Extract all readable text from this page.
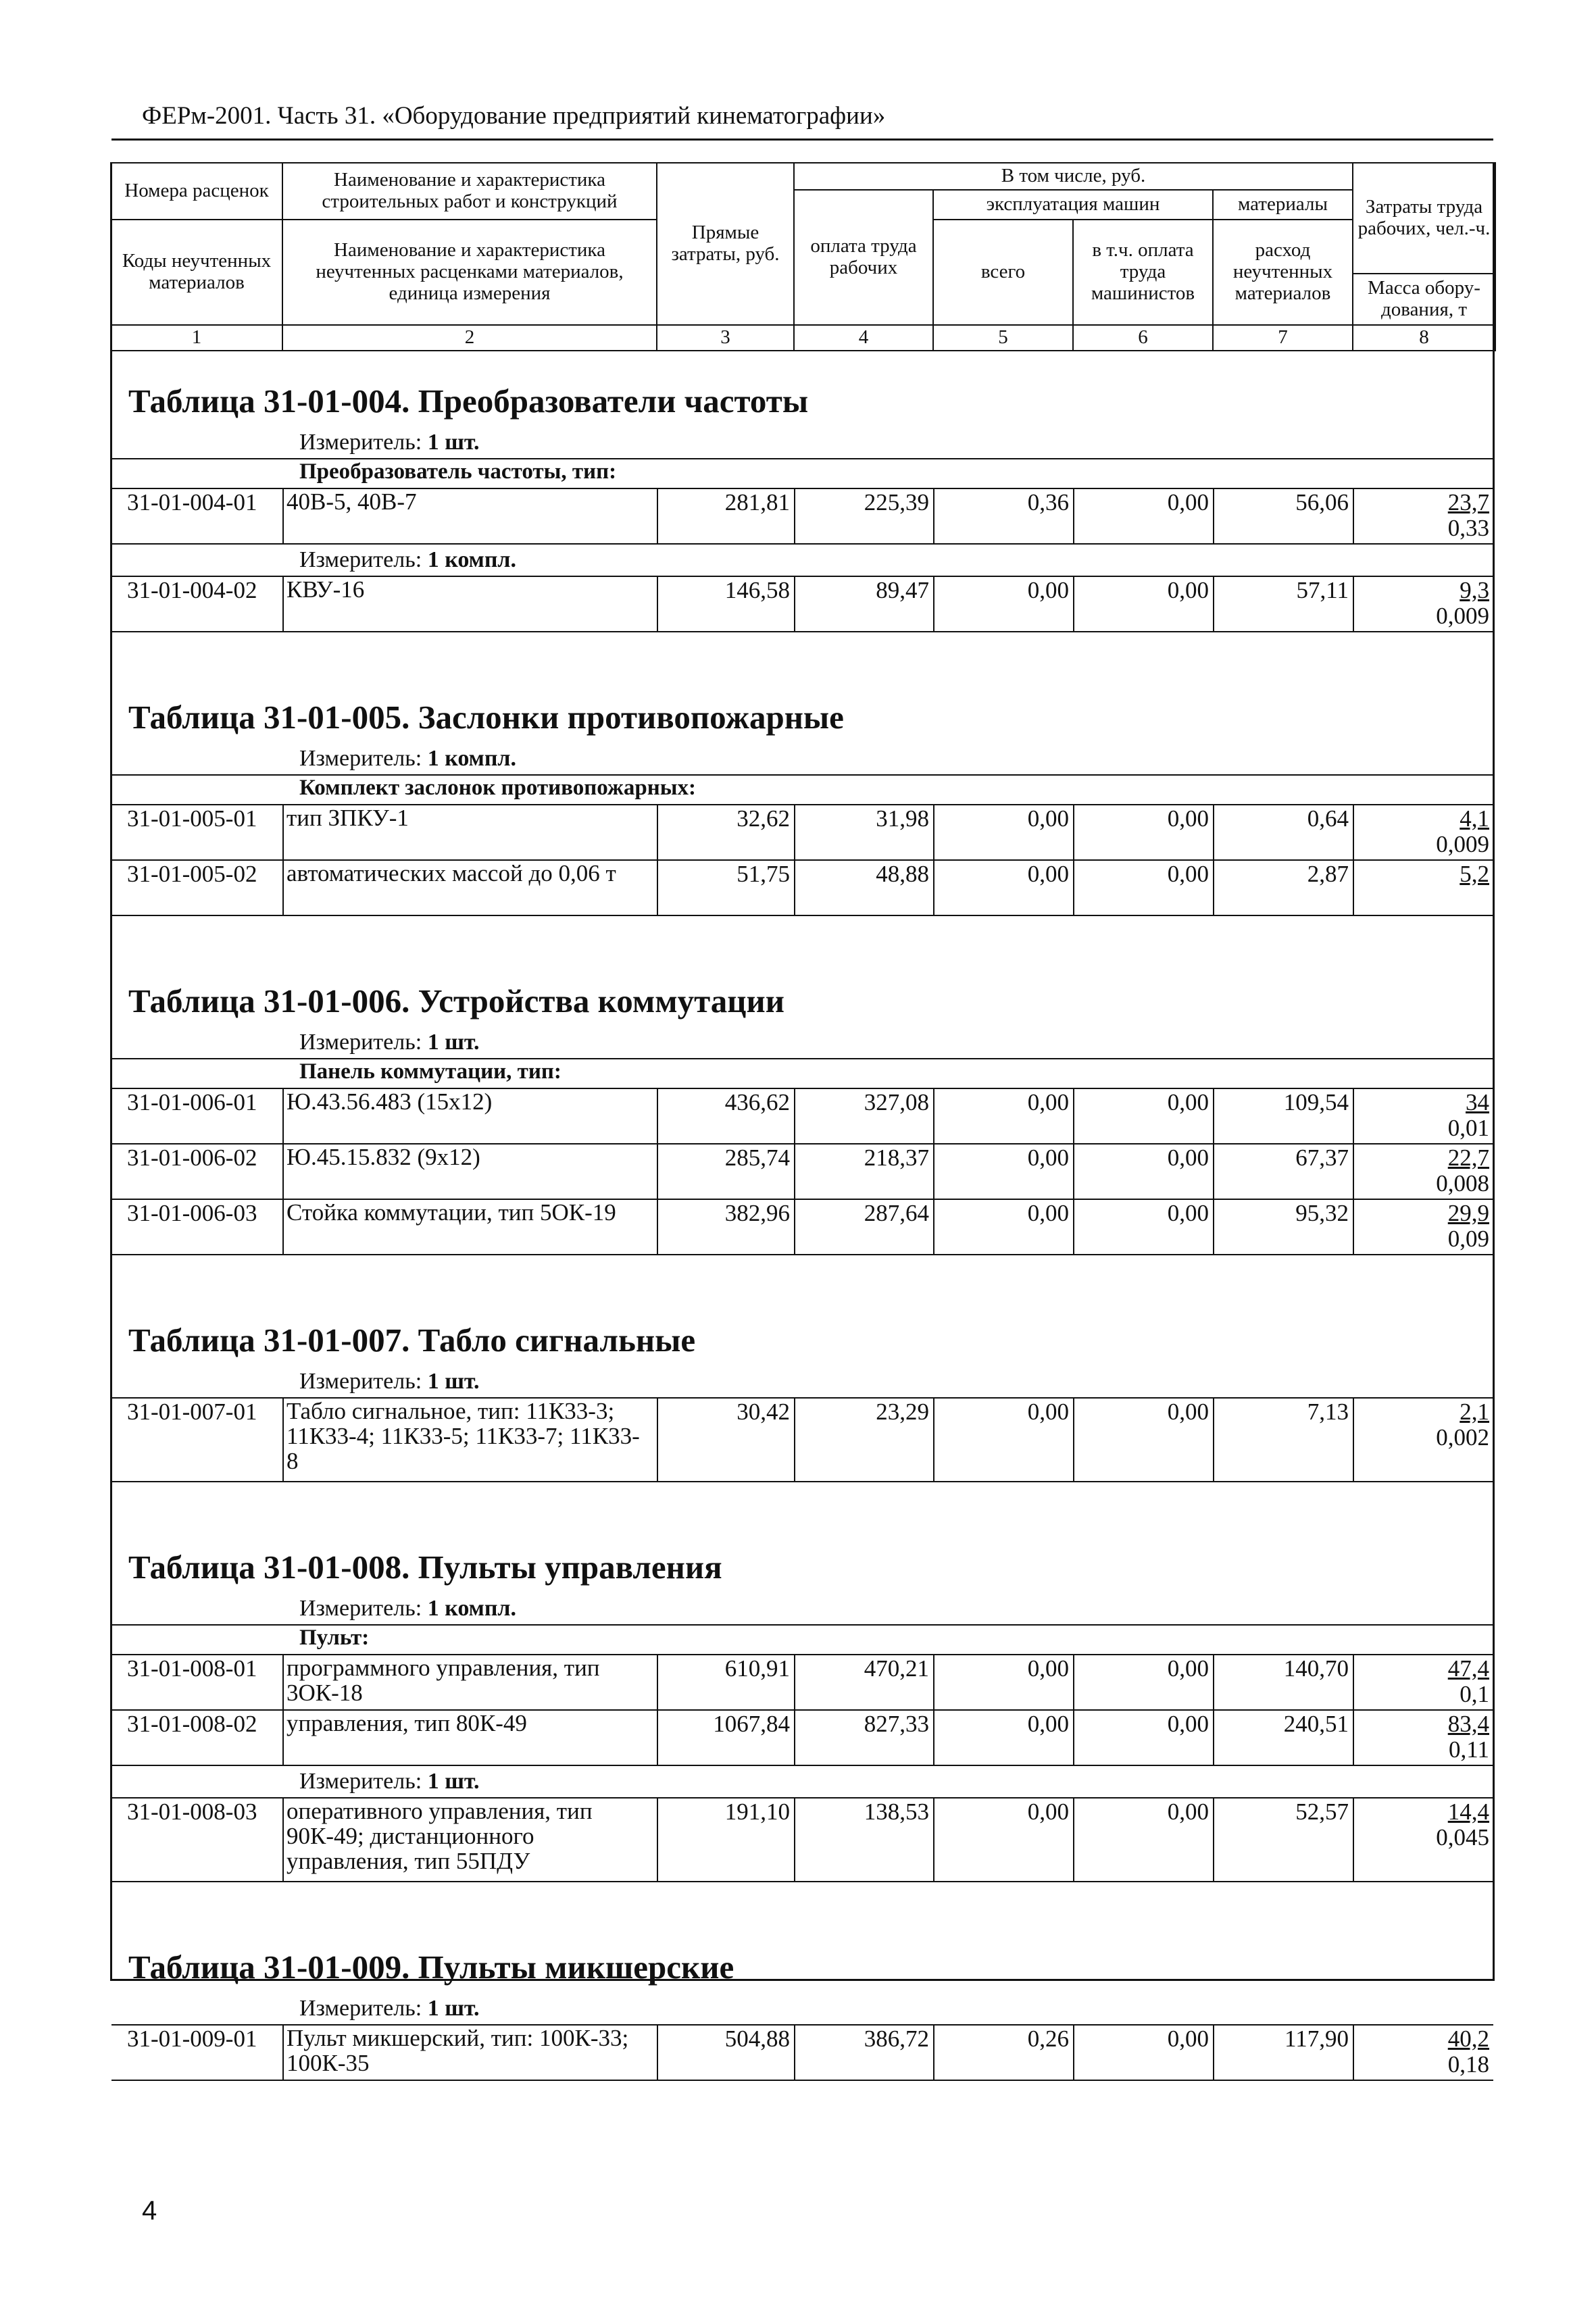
ФЕРм-2001. Часть 31. «Оборудование предприятий кинематографии»
Номера расценок	Наименование и характеристика строительных работ и конструкций	Прямые затраты, руб.	В том числе, руб.				Затраты труда рабочих, чел.-ч.
			оплата труда рабочих	эксплуатация машин		материалы	
Коды неучтенных материалов	Наименование и характеристика неучтенных расценками материалов, единица измерения			всего	в т.ч. оплата труда машинистов	расход неучтенных материалов	
							Масса обору-дования, т
1	2	3	4	5	6	7	8
Таблица 31-01-004. Преобразователи частоты
Измеритель: 1 шт.
Преобразователь частоты, тип:
31-01-004-01 40В-5, 40В-7	281,81	225,39	0,36	0,00	56,06	23,7
0,33
Измеритель: 1 компл.
31-01-004-02 КВУ-16	146,58	89,47	0,00	0,00	57,11	9,3
0,009
Таблица 31-01-005. Заслонки противопожарные
Измеритель: 1 компл.
Комплект заслонок противопожарных:
31-01-005-01 тип ЗПКУ-1	32,62	31,98	0,00	0,00	0,64	4,1
0,009
31-01-005-02 автоматических массой до 0,06 т	51,75	48,88	0,00	0,00	2,87	5,2
Таблица 31-01-006. Устройства коммутации
Измеритель: 1 шт.
Панель коммутации, тип:
31-01-006-01 Ю.43.56.483 (15х12)	436,62	327,08	0,00	0,00	109,54	34
0,01
31-01-006-02 Ю.45.15.832 (9х12)	285,74	218,37	0,00	0,00	67,37	22,7
0,008
31-01-006-03 Стойка коммутации, тип 5ОК-19	382,96	287,64	0,00	0,00	95,32	29,9
0,09
Таблица 31-01-007. Табло сигнальные
Измеритель: 1 шт.
31-01-007-01 Табло сигнальное, тип: 11К33-3; 11К33-4; 11К33-5; 11К33-7; 11К33-8
30,42	23,29	0,00	0,00	7,13	2,1
0,002
Таблица 31-01-008. Пульты управления
Измеритель: 1 компл.
Пульт:
31-01-008-01 программного управления, тип 3ОК-18
610,91	470,21	0,00	0,00	140,70	47,4
0,1
31-01-008-02 управления, тип 80К-49	1067,84	827,33	0,00	0,00	240,51	83,4
0,11
Измеритель: 1 шт.
31-01-008-03 оперативного управления, тип 90К-49; дистанционного управления, тип 55ПДУ
191,10	138,53	0,00	0,00	52,57	14,4
0,045
Таблица 31-01-009. Пульты микшерские
Измеритель: 1 шт.
31-01-009-01 Пульт микшерский, тип: 100К-33; 100К-35
504,88	386,72	0,26	0,00	117,90	40,2
0,18
4
